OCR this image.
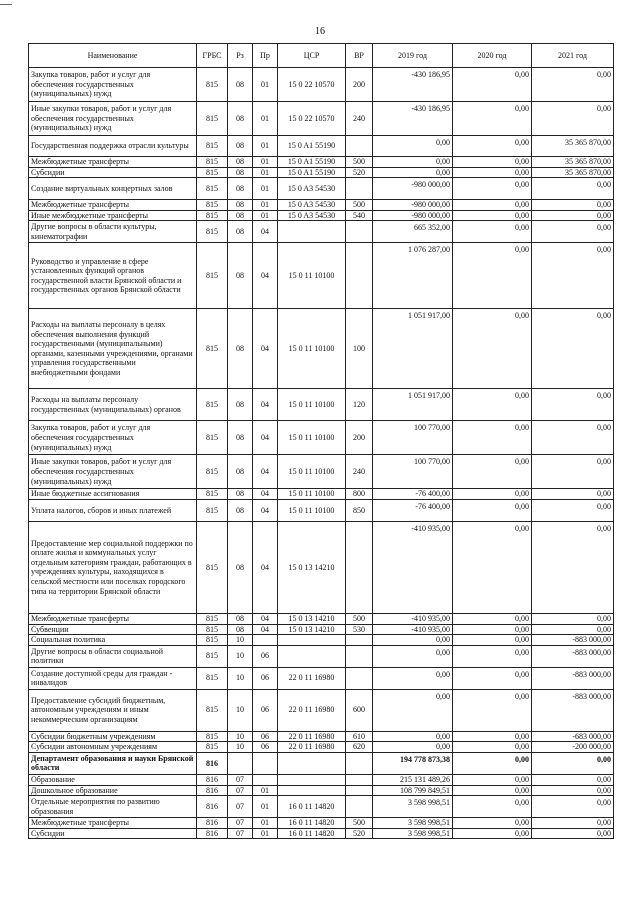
16
Наименование	ГРБС	Рз	Пр	ЦСР	ВР	2019 год	2020 год	2021 год
Закупка товаров, работ и услуг для обеспечения государственных (муниципальных) нужд	815	08	01	15 0 22 10570	200	-430 186,95	0,00	0,00
Иные закупки товаров, работ и услуг для обеспечения государственных (муниципальных) нужд	815	08	01	15 0 22 10570	240	-430 186,95	0,00	0,00
Государственная поддержка отрасли культуры	815	08	01	15 0 A1 55190		0,00	0,00	35 365 870,00
Межбюджетные трансферты	815	08	01	15 0 A1 55190	500	0,00	0,00	35 365 870,00
Субсидии	815	08	01	15 0 A1 55190	520	0,00	0,00	35 365 870,00
Создание виртуальных концертных залов	815	08	01	15 0 A3 54530		-980 000,00	0,00	0,00
Межбюджетные трансферты	815	08	01	15 0 A3 54530	500	-980 000,00	0,00	0,00
Иные межбюджетные трансферты	815	08	01	15 0 A3 54530	540	-980 000,00	0,00	0,00
Другие вопросы в области культуры, кинематографии	815	08	04			665 352,00	0,00	0,00
Руководство и управление в сфере установленных функций органов государственной власти Брянской области и государственных органов Брянской области	815	08	04	15 0 11 10100		1 076 287,00	0,00	0,00
Расходы на выплаты персоналу в целях обеспечения выполнения функций государственными (муниципальными) органами, казенными учреждениями, органами управления государственными внебюджетными фондами	815	08	04	15 0 11 10100	100	1 051 917,00	0,00	0,00
Расходы на выплаты персоналу государственных (муниципальных) органов	815	08	04	15 0 11 10100	120	1 051 917,00	0,00	0,00
Закупка товаров, работ и услуг для обеспечения государственных (муниципальных) нужд	815	08	04	15 0 11 10100	200	100 770,00	0,00	0,00
Иные закупки товаров, работ и услуг для обеспечения государственных (муниципальных) нужд	815	08	04	15 0 11 10100	240	100 770,00	0,00	0,00
Иные бюджетные ассигнования	815	08	04	15 0 11 10100	800	-76 400,00	0,00	0,00
Уплата налогов, сборов и иных платежей	815	08	04	15 0 11 10100	850	-76 400,00	0,00	0,00
Предоставление мер социальной поддержки по оплате жилья и коммунальных услуг отдельным категориям граждан, работающих в учреждениях культуры, находящихся в сельской местности или поселках городского типа на территории Брянской области	815	08	04	15 0 13 14210		-410 935,00	0,00	0,00
Межбюджетные трансферты	815	08	04	15 0 13 14210	500	-410 935,00	0,00	0,00
Субвенции	815	08	04	15 0 13 14210	530	-410 935,00	0,00	0,00
Социальная политика	815	10				0,00	0,00	-883 000,00
Другие вопросы в области социальной политики	815	10	06			0,00	0,00	-883 000,00
Создание доступной среды для граждан - инвалидов	815	10	06	22 0 11 16980		0,00	0,00	-883 000,00
Предоставление субсидий бюджетным, автономным учреждениям и иным некоммерческим организациям	815	10	06	22 0 11 16980	600	0,00	0,00	-883 000,00
Субсидии бюджетным учреждениям	815	10	06	22 0 11 16980	610	0,00	0,00	-683 000,00
Субсидии автономным учреждениям	815	10	06	22 0 11 16980	620	0,00	0,00	-200 000,00
Департамент образования и науки Брянской области	816					194 778 873,38	0,00	0,00
Образование	816	07				215 131 489,26	0,00	0,00
Дошкольное образование	816	07	01			108 799 849,51	0,00	0,00
Отдельные мероприятия по развитию образования	816	07	01	16 0 11 14820		3 598 998,51	0,00	0,00
Межбюджетные трансферты	816	07	01	16 0 11 14820	500	3 598 998,51	0,00	0,00
Субсидии	816	07	01	16 0 11 14820	520	3 598 998,51	0,00	0,00
